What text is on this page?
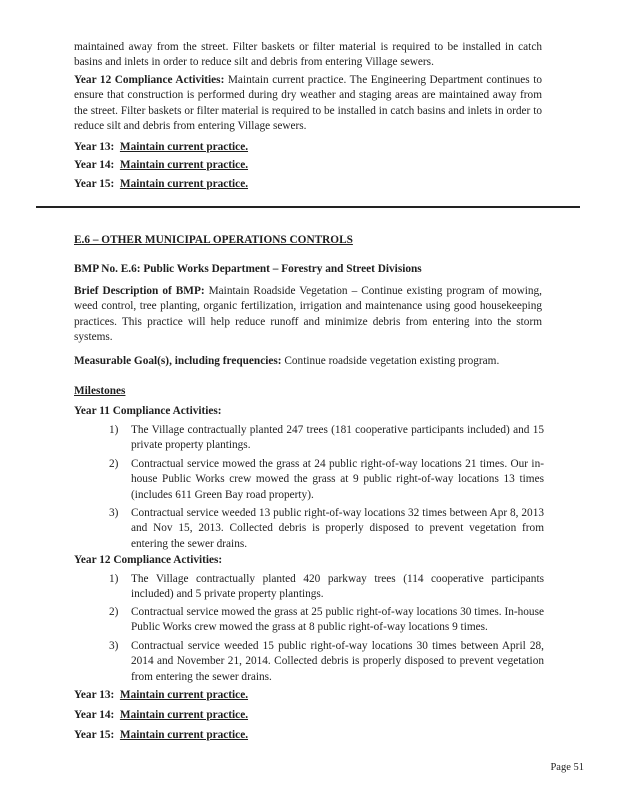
maintained away from the street. Filter baskets or filter material is required to be installed in catch basins and inlets in order to reduce silt and debris from entering Village sewers.

Year 12 Compliance Activities: Maintain current practice. The Engineering Department continues to ensure that construction is performed during dry weather and staging areas are maintained away from the street. Filter baskets or filter material is required to be installed in catch basins and inlets in order to reduce silt and debris from entering Village sewers.

Year 13: Maintain current practice.
Year 14: Maintain current practice.
Year 15: Maintain current practice.
E.6 – OTHER MUNICIPAL OPERATIONS CONTROLS
BMP No. E.6: Public Works Department – Forestry and Street Divisions

Brief Description of BMP: Maintain Roadside Vegetation – Continue existing program of mowing, weed control, tree planting, organic fertilization, irrigation and maintenance using good housekeeping practices. This practice will help reduce runoff and minimize debris from entering into the storm systems.

Measurable Goal(s), including frequencies: Continue roadside vegetation existing program.

Milestones
Year 11 Compliance Activities:
1) The Village contractually planted 247 trees (181 cooperative participants included) and 15 private property plantings.
2) Contractual service mowed the grass at 24 public right-of-way locations 21 times. Our in-house Public Works crew mowed the grass at 9 public right-of-way locations 13 times (includes 611 Green Bay road property).
3) Contractual service weeded 13 public right-of-way locations 32 times between Apr 8, 2013 and Nov 15, 2013. Collected debris is properly disposed to prevent vegetation from entering the sewer drains.
Year 12 Compliance Activities:
1) The Village contractually planted 420 parkway trees (114 cooperative participants included) and 5 private property plantings.
2) Contractual service mowed the grass at 25 public right-of-way locations 30 times. In-house Public Works crew mowed the grass at 8 public right-of-way locations 9 times.
3) Contractual service weeded 15 public right-of-way locations 30 times between April 28, 2014 and November 21, 2014. Collected debris is properly disposed to prevent vegetation from entering the sewer drains.
Year 13: Maintain current practice.
Year 14: Maintain current practice.
Year 15: Maintain current practice.
Page 51
